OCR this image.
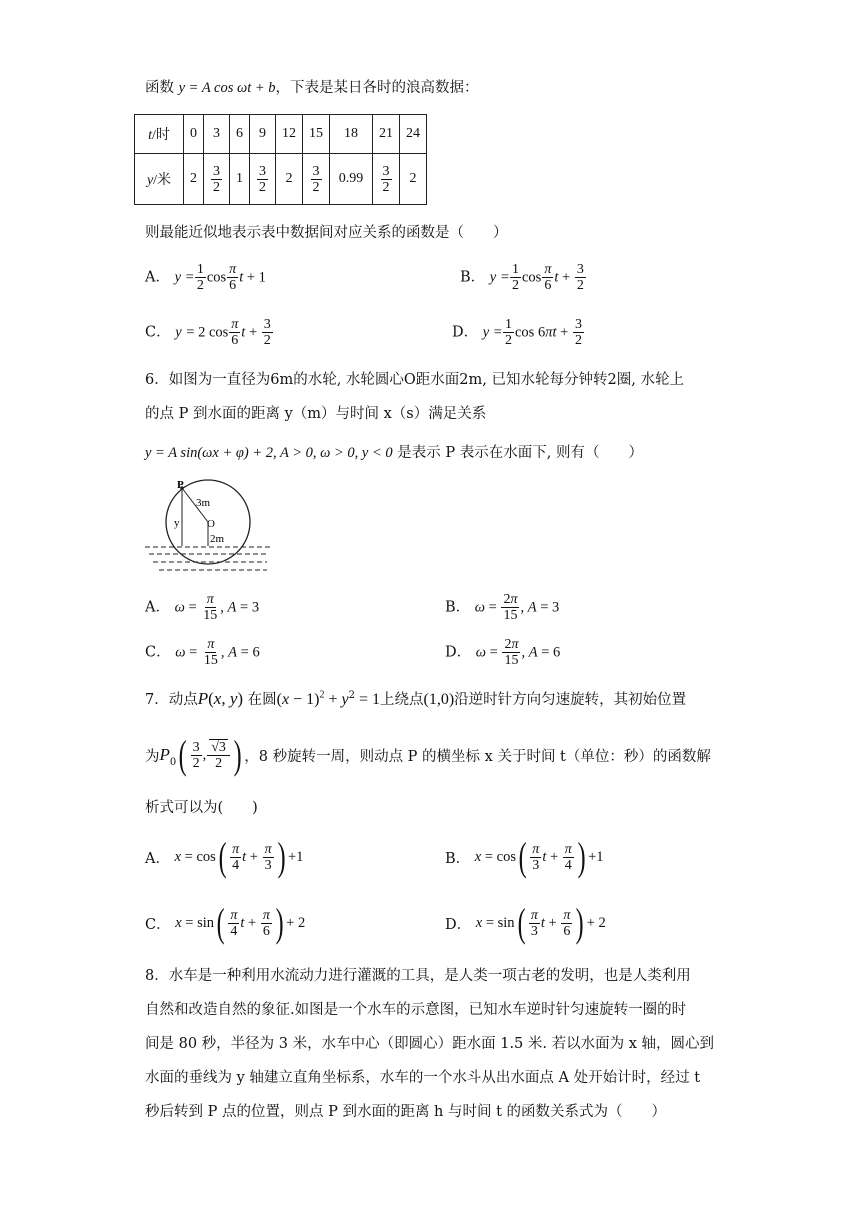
函数 y = A cos ωt + b，下表是某日各时的浪高数据：
t/时	0	3	6	9	12	15	18	21	24
y/米	2	$\frac{3}{2}$	1	$\frac{3}{2}$	2	$\frac{3}{2}$	0.99	$\frac{3}{2}$	2
则最能近似地表示表中数据间对应关系的函数是（　　）
A． $y = \frac{1}{2}$ $\cos \frac{\pi}{6}$ t + 1	B． $y = \frac{1}{2}$ $\cos \frac{\pi}{6}$ $t + \frac{3}{2}$
C． y = 2 $\cos \frac{\pi}{6}$ $t + \frac{3}{2}$	D． $y = \frac{1}{2}$ $\cos 6\pi t + \frac{3}{2}$
6．如图为一直径为6m的水轮, 水轮圆心O距水面2m, 已知水轮每分钟转2圈, 水轮上
的点 P 到水面的距离 y（m）与时间 x（s）满足关系
y = A sin(ωx + φ) + 2, A > 0, ω > 0, y < 0 是表示 P 表示在水面下, 则有（　　）
P
3m
y	O
2m
A． $\omega = \frac{\pi}{15}$ , A = 3	B． $\omega = \frac{2\pi}{15}$ , A = 3
C． $\omega = \frac{\pi}{15}$ , A = 6	D． $\omega = \frac{2\pi}{15}$ , A = 6
7．动点P(x, y) 在圆$(x - 1)^2 + y^2 = 1$上绕点(1,0)沿逆时针方向匀速旋转，其初始位置
为 $P_0$ ( $\frac{3}{2}$ , $\frac{√3}{2}$ ) ，8 秒旋转一周，则动点 P 的横坐标 x 关于时间 t（单位：秒）的函数解
析式可以为(　　)
A．
x = cos ( $\frac{\pi}{4}$ $t + \frac{\pi}{3}$ ) +1	B．
x = cos ( $\frac{\pi}{3}$ $t + \frac{\pi}{4}$ ) +1
C．
x = sin ( $\frac{\pi}{4}$ $t + \frac{\pi}{6}$ ) + 2	D．
x = sin ( $\frac{\pi}{3}$ $t + \frac{\pi}{6}$ ) + 2
8．水车是一种利用水流动力进行灌溉的工具，是人类一项古老的发明，也是人类利用
自然和改造自然的象征.如图是一个水车的示意图，已知水车逆时针匀速旋转一圈的时
间是 80 秒，半径为 3 米，水车中心（即圆心）距水面 1.5 米. 若以水面为 x 轴，圆心到
水面的垂线为 y 轴建立直角坐标系，水车的一个水斗从出水面点 A 处开始计时，经过 t
秒后转到 P 点的位置，则点 P 到水面的距离 h 与时间 t 的函数关系式为（　　）
